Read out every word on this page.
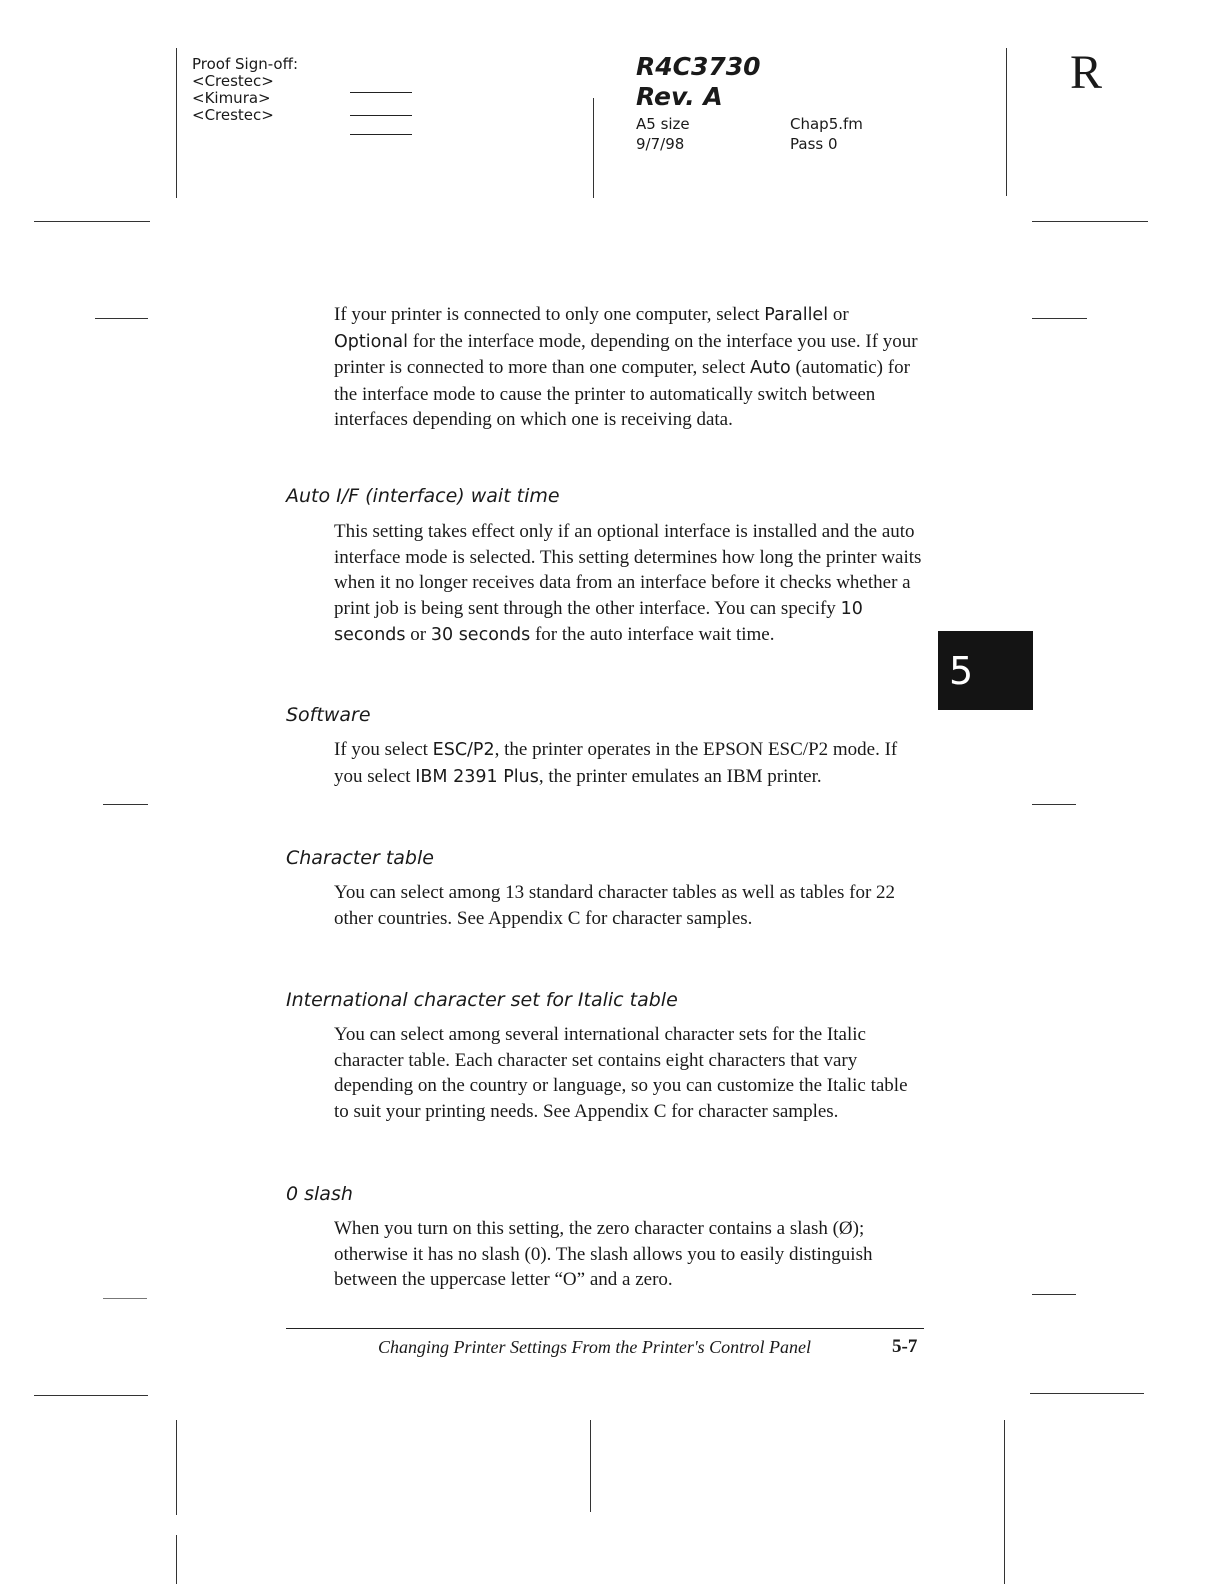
Proof Sign-off:
<Crestec>
<Kimura>
<Crestec>
R4C3730
Rev. A
A5 size	Chap5.fm
9/7/98	Pass 0
R

If your printer is connected to only one computer, select Parallel or Optional for the interface mode, depending on the interface you use. If your printer is connected to more than one computer, select Auto (automatic) for the interface mode to cause the printer to automatically switch between interfaces depending on which one is receiving data.

Auto I/F (interface) wait time

This setting takes effect only if an optional interface is installed and the auto interface mode is selected. This setting determines how long the printer waits when it no longer receives data from an interface before it checks whether a print job is being sent through the other interface. You can specify 10 seconds or 30 seconds for the auto interface wait time.

Software

If you select ESC/P2, the printer operates in the EPSON ESC/P2 mode. If you select IBM 2391 Plus, the printer emulates an IBM printer.

Character table

You can select among 13 standard character tables as well as tables for 22 other countries. See Appendix C for character samples.

International character set for Italic table

You can select among several international character sets for the Italic character table. Each character set contains eight characters that vary depending on the country or language, so you can customize the Italic table to suit your printing needs. See Appendix C for character samples.

0 slash

When you turn on this setting, the zero character contains a slash (Ø); otherwise it has no slash (0). The slash allows you to easily distinguish between the uppercase letter “O” and a zero.

5
Changing Printer Settings From the Printer's Control Panel	5-7
